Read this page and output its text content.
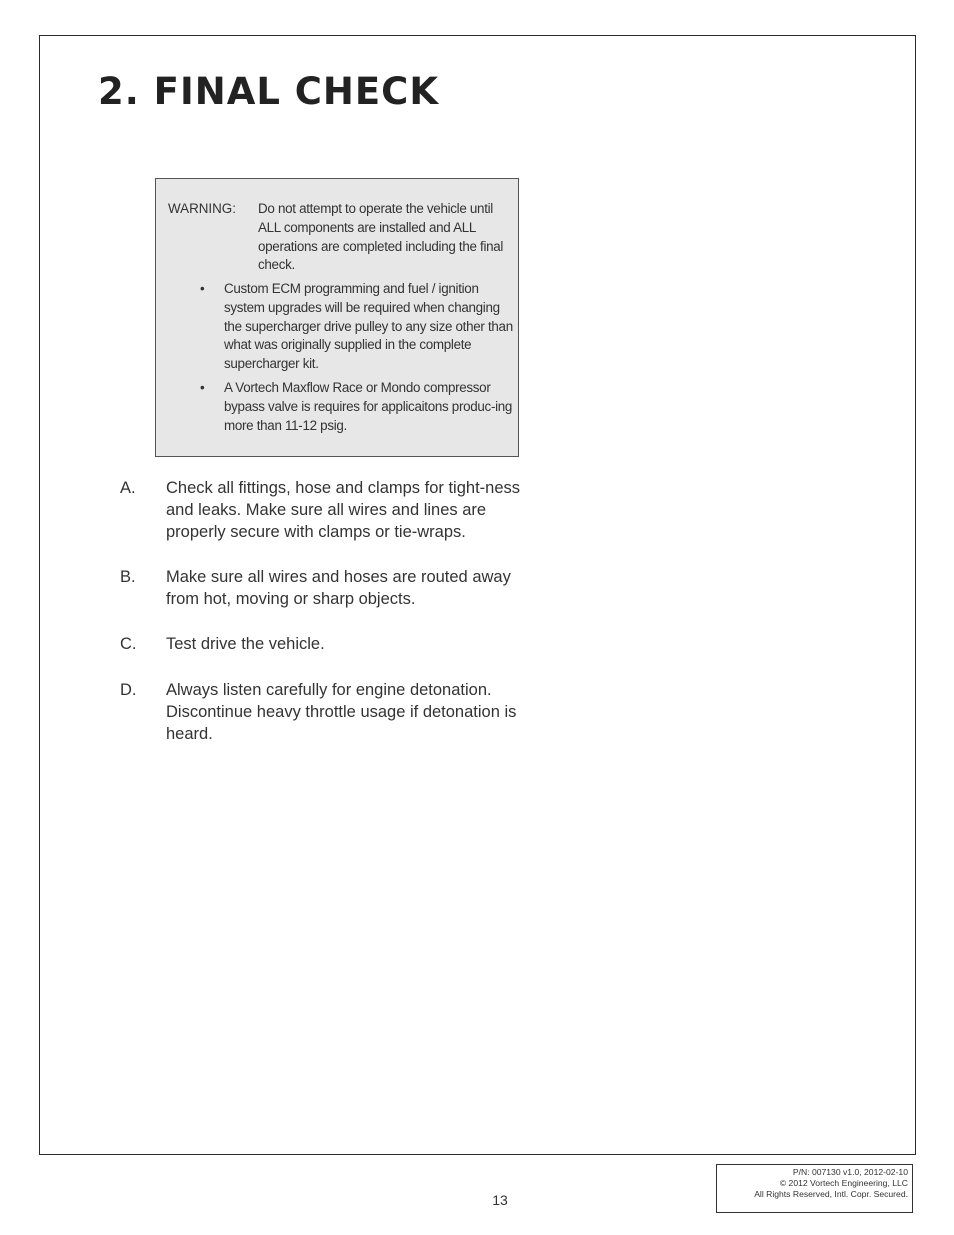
2. FINAL CHECK
WARNING:	Do not attempt to operate the vehicle until ALL components are installed and ALL operations are completed including the final check.
• Custom ECM programming and fuel / ignition system upgrades will be required when changing the supercharger drive pulley to any size other than what was originally supplied in the complete supercharger kit.
• A Vortech Maxflow Race or Mondo compressor bypass valve is requires for applicaitons produc-ing more than 11-12 psig.
A. Check all fittings, hose and clamps for tight-ness and leaks. Make sure all wires and lines are properly secure with clamps or tie-wraps.
B. Make sure all wires and hoses are routed away from hot, moving or sharp objects.
C. Test drive the vehicle.
D. Always listen carefully for engine detonation. Discontinue heavy throttle usage if detonation is heard.
13
P/N: 007130 v1.0, 2012-02-10
© 2012 Vortech Engineering, LLC
All Rights Reserved, Intl. Copr. Secured.
